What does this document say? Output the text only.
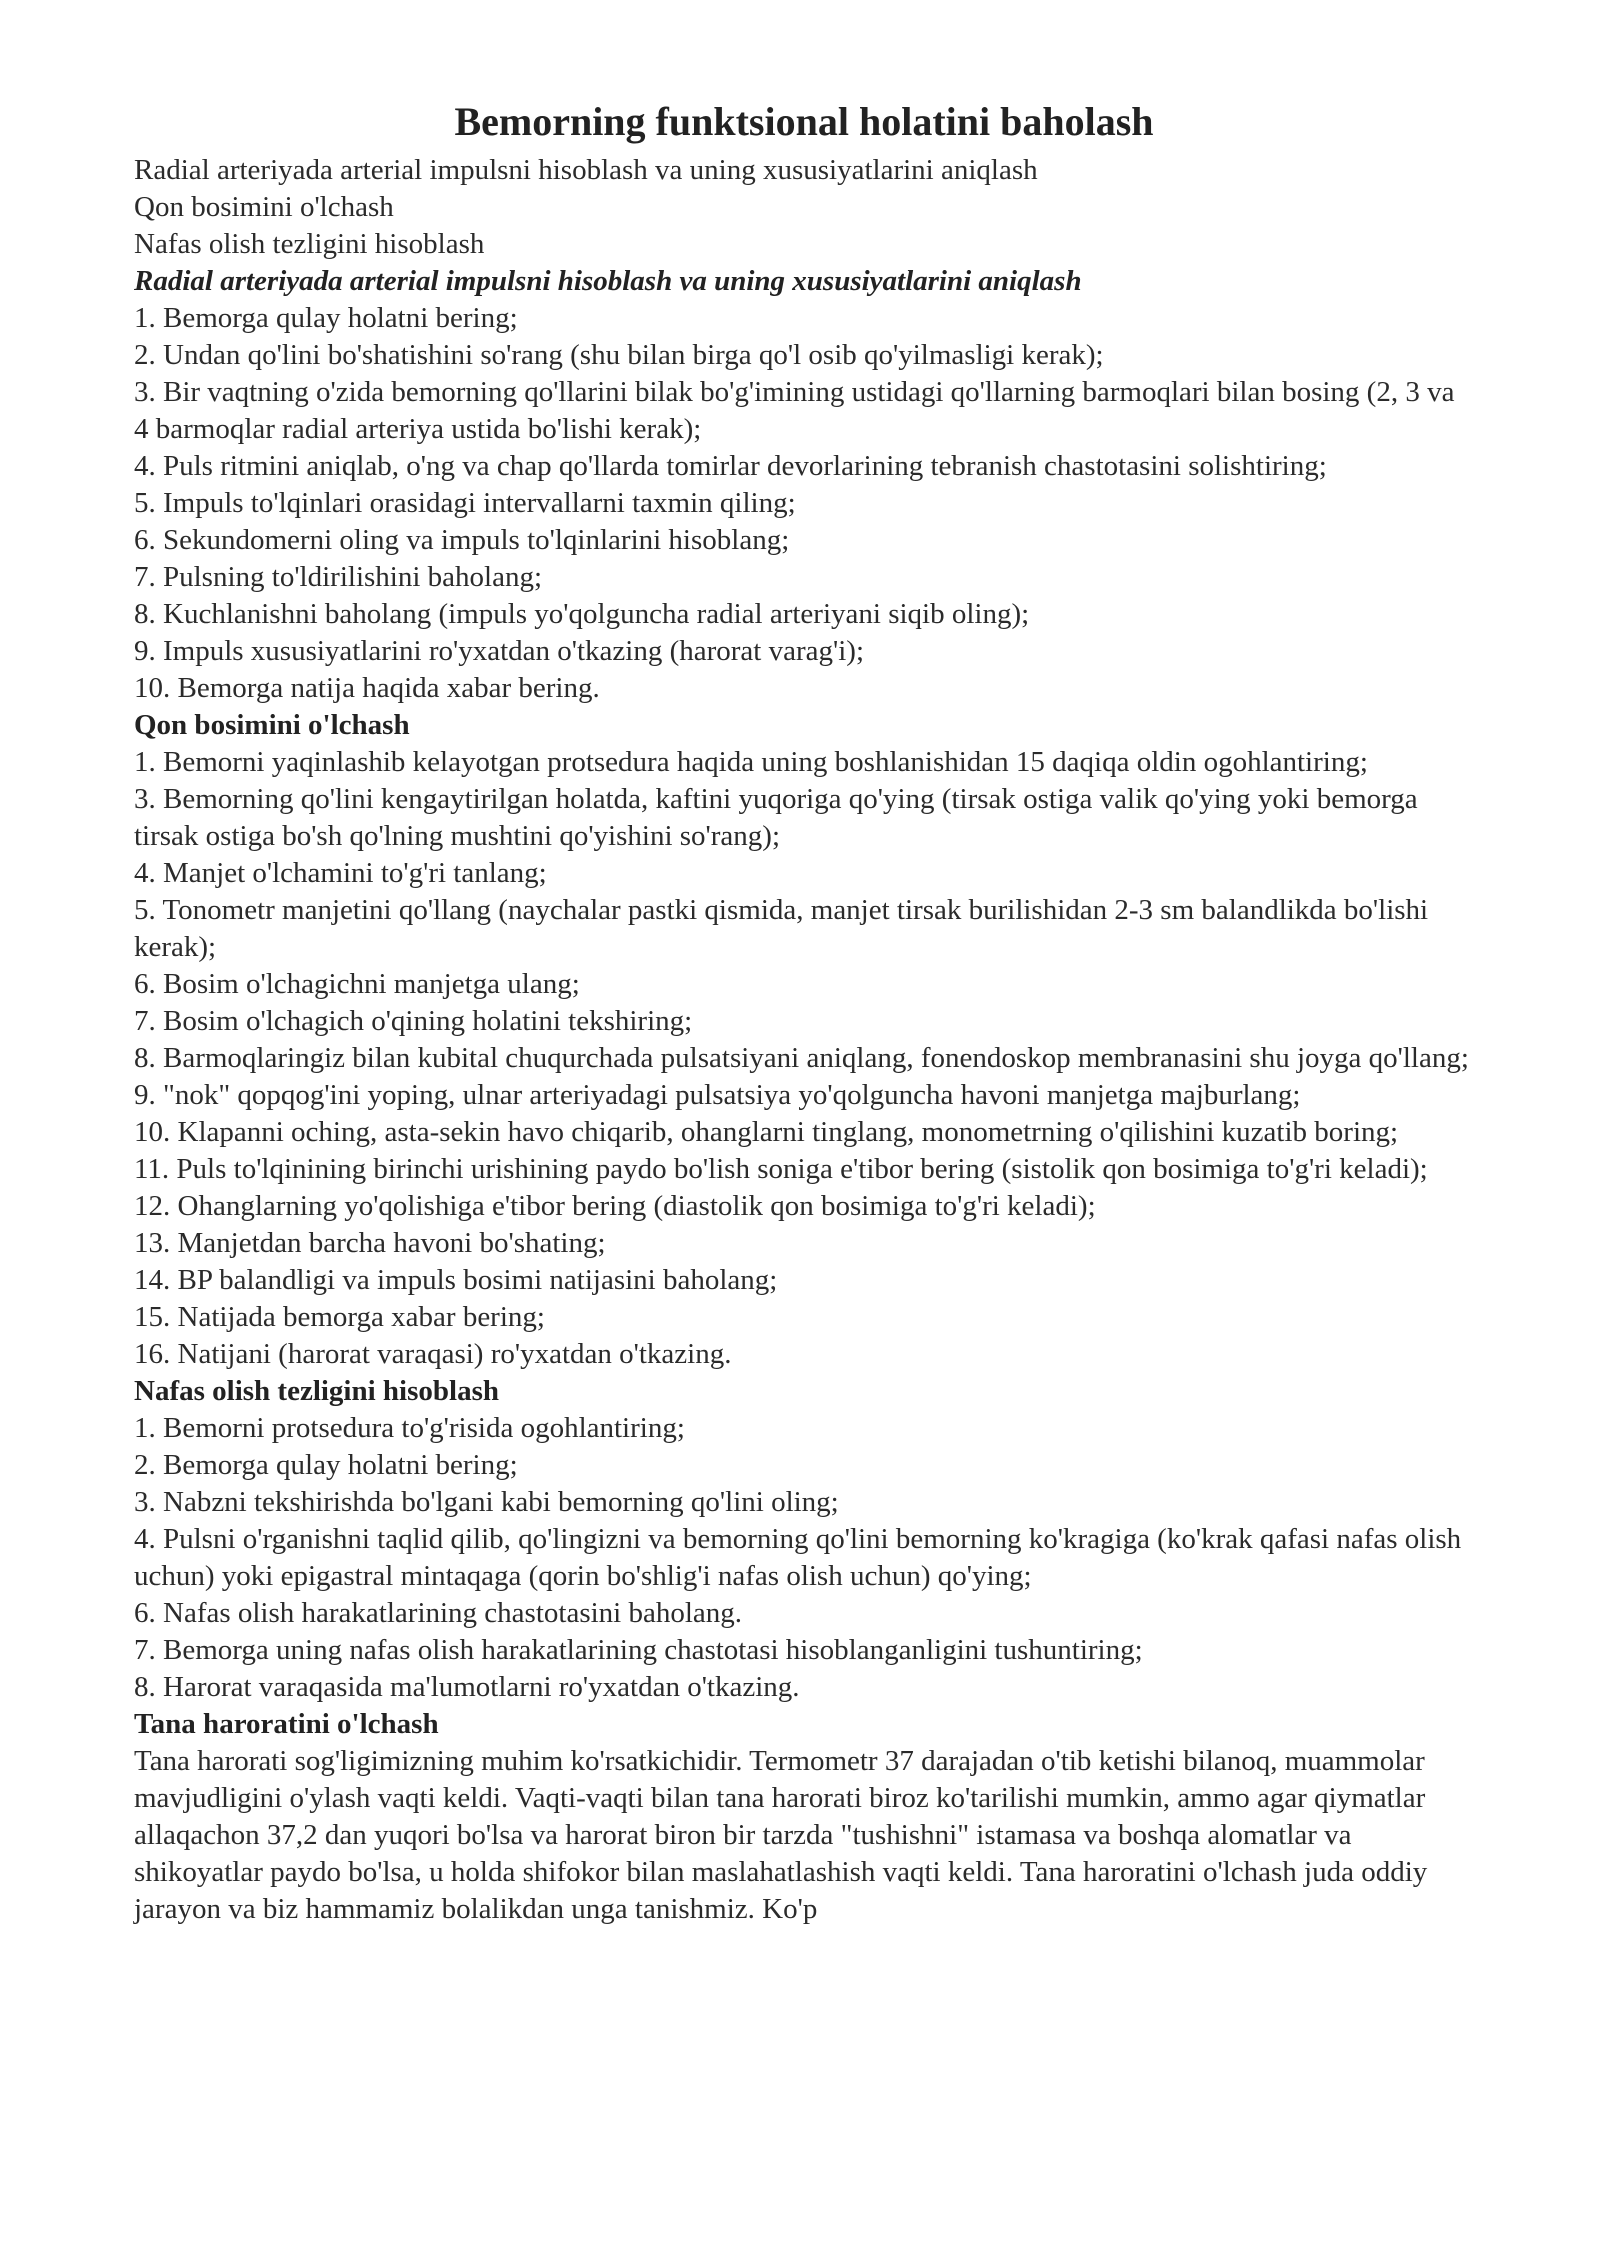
Bemorning funktsional holatini baholash
Radial arteriyada arterial impulsni hisoblash va uning xususiyatlarini aniqlash
Qon bosimini o'lchash
Nafas olish tezligini hisoblash
Radial arteriyada arterial impulsni hisoblash va uning xususiyatlarini aniqlash
1. Bemorga qulay holatni bering;
2. Undan qo'lini bo'shatishini so'rang (shu bilan birga qo'l osib qo'yilmasligi kerak);
3. Bir vaqtning o'zida bemorning qo'llarini bilak bo'g'imining ustidagi qo'llarning barmoqlari bilan bosing (2, 3 va 4 barmoqlar radial arteriya ustida bo'lishi kerak);
4. Puls ritmini aniqlab, o'ng va chap qo'llarda tomirlar devorlarining tebranish chastotasini solishtiring;
5. Impuls to'lqinlari orasidagi intervallarni taxmin qiling;
6. Sekundomerni oling va impuls to'lqinlarini hisoblang;
7. Pulsning to'ldirilishini baholang;
8. Kuchlanishni baholang (impuls yo'qolguncha radial arteriyani siqib oling);
9. Impuls xususiyatlarini ro'yxatdan o'tkazing (harorat varag'i);
10. Bemorga natija haqida xabar bering.
Qon bosimini o'lchash
1. Bemorni yaqinlashib kelayotgan protsedura haqida uning boshlanishidan 15 daqiqa oldin ogohlantiring;
3. Bemorning qo'lini kengaytirilgan holatda, kaftini yuqoriga qo'ying (tirsak ostiga valik qo'ying yoki bemorga tirsak ostiga bo'sh qo'lning mushtini qo'yishini so'rang);
4. Manjet o'lchamini to'g'ri tanlang;
5. Tonometr manjetini qo'llang (naychalar pastki qismida, manjet tirsak burilishidan 2-3 sm balandlikda bo'lishi kerak);
6. Bosim o'lchagichni manjetga ulang;
7. Bosim o'lchagich o'qining holatini tekshiring;
8. Barmoqlaringiz bilan kubital chuqurchada pulsatsiyani aniqlang, fonendoskop membranasini shu joyga qo'llang;
9. "nok" qopqog'ini yoping, ulnar arteriyadagi pulsatsiya yo'qolguncha havoni manjetga majburlang;
10. Klapanni oching, asta-sekin havo chiqarib, ohanglarni tinglang, monometrning o'qilishini kuzatib boring;
11. Puls to'lqinining birinchi urishining paydo bo'lish soniga e'tibor bering (sistolik qon bosimiga to'g'ri keladi);
12. Ohanglarning yo'qolishiga e'tibor bering (diastolik qon bosimiga to'g'ri keladi);
13. Manjetdan barcha havoni bo'shating;
14. BP balandligi va impuls bosimi natijasini baholang;
15. Natijada bemorga xabar bering;
16. Natijani (harorat varaqasi) ro'yxatdan o'tkazing.
Nafas olish tezligini hisoblash
1. Bemorni protsedura to'g'risida ogohlantiring;
2. Bemorga qulay holatni bering;
3. Nabzni tekshirishda bo'lgani kabi bemorning qo'lini oling;
4. Pulsni o'rganishni taqlid qilib, qo'lingizni va bemorning qo'lini bemorning ko'kragiga (ko'krak qafasi nafas olish uchun) yoki epigastral mintaqaga (qorin bo'shlig'i nafas olish uchun) qo'ying;
6. Nafas olish harakatlarining chastotasini baholang.
7. Bemorga uning nafas olish harakatlarining chastotasi hisoblanganligini tushuntiring;
8. Harorat varaqasida ma'lumotlarni ro'yxatdan o'tkazing.
Tana haroratini o'lchash
Tana harorati sog'ligimizning muhim ko'rsatkichidir. Termometr 37 darajadan o'tib ketishi bilanoq, muammolar mavjudligini o'ylash vaqti keldi. Vaqti-vaqti bilan tana harorati biroz ko'tarilishi mumkin, ammo agar qiymatlar allaqachon 37,2 dan yuqori bo'lsa va harorat biron bir tarzda "tushishni" istamasa va boshqa alomatlar va shikoyatlar paydo bo'lsa, u holda shifokor bilan maslahatlashish vaqti keldi. Tana haroratini o'lchash juda oddiy jarayon va biz hammamiz bolalikdan unga tanishmiz. Ko'p
